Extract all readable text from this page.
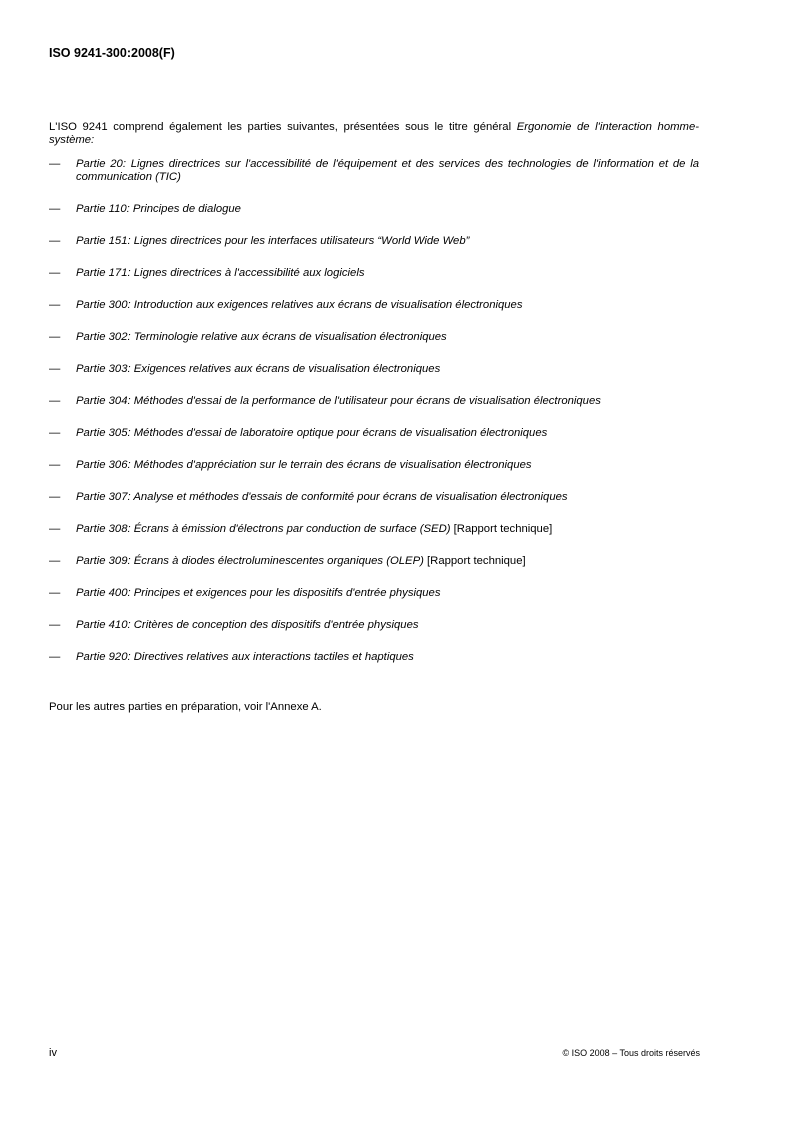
ISO 9241-300:2008(F)

L'ISO 9241 comprend également les parties suivantes, présentées sous le titre général Ergonomie de l'interaction homme-système:

— Partie 20: Lignes directrices sur l'accessibilité de l'équipement et des services des technologies de l'information et de la communication (TIC)
— Partie 110: Principes de dialogue
— Partie 151: Lignes directrices pour les interfaces utilisateurs “World Wide Web”
— Partie 171: Lignes directrices à l'accessibilité aux logiciels
— Partie 300: Introduction aux exigences relatives aux écrans de visualisation électroniques
— Partie 302: Terminologie relative aux écrans de visualisation électroniques
— Partie 303: Exigences relatives aux écrans de visualisation électroniques
— Partie 304: Méthodes d'essai de la performance de l'utilisateur pour écrans de visualisation électroniques
— Partie 305: Méthodes d'essai de laboratoire optique pour écrans de visualisation électroniques
— Partie 306: Méthodes d'appréciation sur le terrain des écrans de visualisation électroniques
— Partie 307: Analyse et méthodes d'essais de conformité pour écrans de visualisation électroniques
— Partie 308: Écrans à émission d'électrons par conduction de surface (SED) [Rapport technique]
— Partie 309: Écrans à diodes électroluminescentes organiques (OLEP) [Rapport technique]
— Partie 400: Principes et exigences pour les dispositifs d'entrée physiques
— Partie 410: Critères de conception des dispositifs d'entrée physiques
— Partie 920: Directives relatives aux interactions tactiles et haptiques

Pour les autres parties en préparation, voir l'Annexe A.

iv	© ISO 2008 – Tous droits réservés
